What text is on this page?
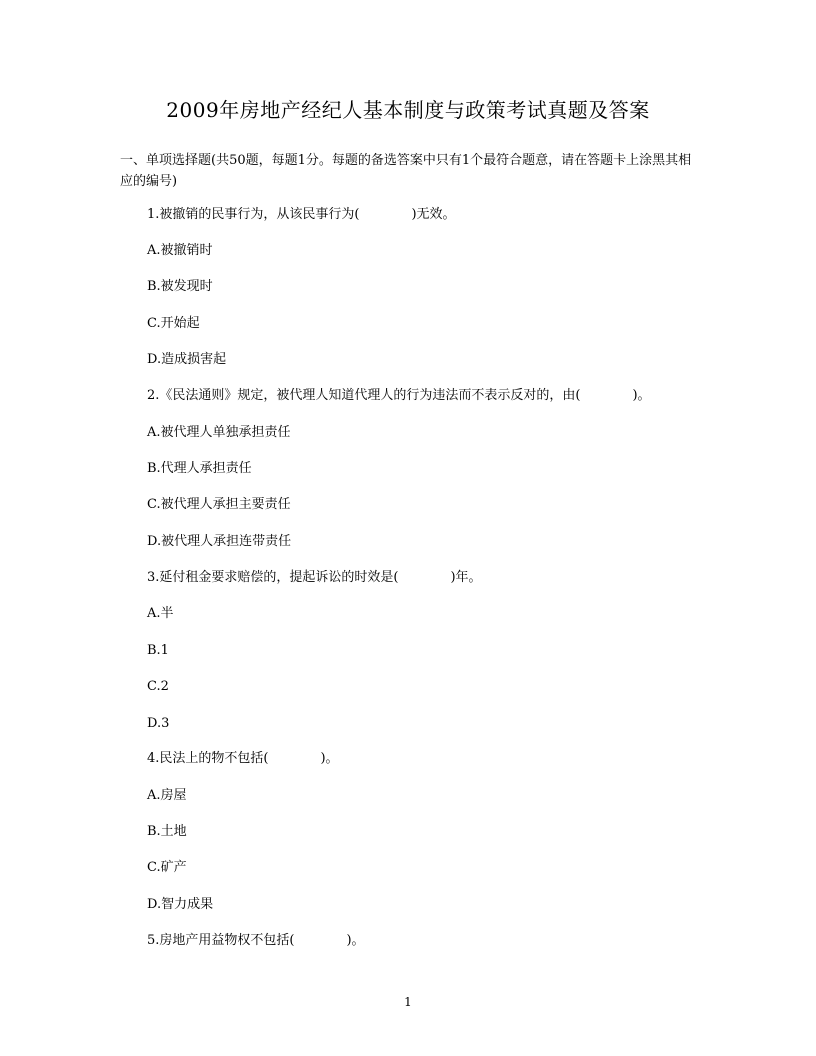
2009年房地产经纪人基本制度与政策考试真题及答案
一、单项选择题(共50题，每题1分。每题的备选答案中只有1个最符合题意，请在答题卡上涂黑其相应的编号)
1.被撤销的民事行为，从该民事行为(　　　　)无效。
A.被撤销时
B.被发现时
C.开始起
D.造成损害起
2.《民法通则》规定，被代理人知道代理人的行为违法而不表示反对的，由(　　　　)。
A.被代理人单独承担责任
B.代理人承担责任
C.被代理人承担主要责任
D.被代理人承担连带责任
3.延付租金要求赔偿的，提起诉讼的时效是(　　　　)年。
A.半
B.1
C.2
D.3
4.民法上的物不包括(　　　　)。
A.房屋
B.土地
C.矿产
D.智力成果
5.房地产用益物权不包括(　　　　)。
1
